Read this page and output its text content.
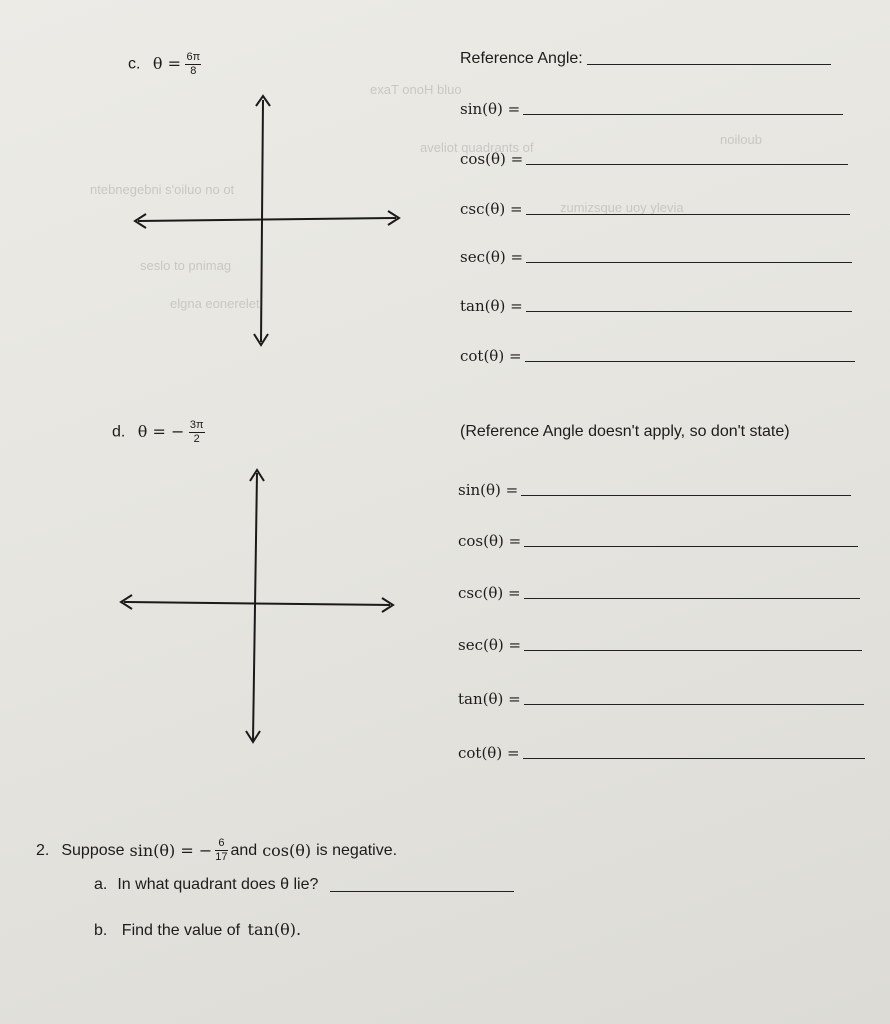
exaT onoH bluo
aveliot quadrants of
ntebnegebni s'oiluo no ot
zumizsque uoy ylevia
seslo to pnimag
elgna eonerelet
noiloub
c. $\theta = \frac{6\pi}{8}$	Reference Angle:
sin(θ) =
cos(θ) =
csc(θ) =
sec(θ) =
tan(θ) =
cot(θ) =
d. θ = − $\frac{3\pi}{2}$	(Reference Angle doesn't apply, so don't state)
sin(θ) =
cos(θ) =
csc(θ) =
sec(θ) =
tan(θ) =
cot(θ) =
2. Suppose sin(θ) = − $\frac{6}{17}$ and cos(θ) is negative.
a. In what quadrant does θ lie?
b. Find the value of tan(θ).
